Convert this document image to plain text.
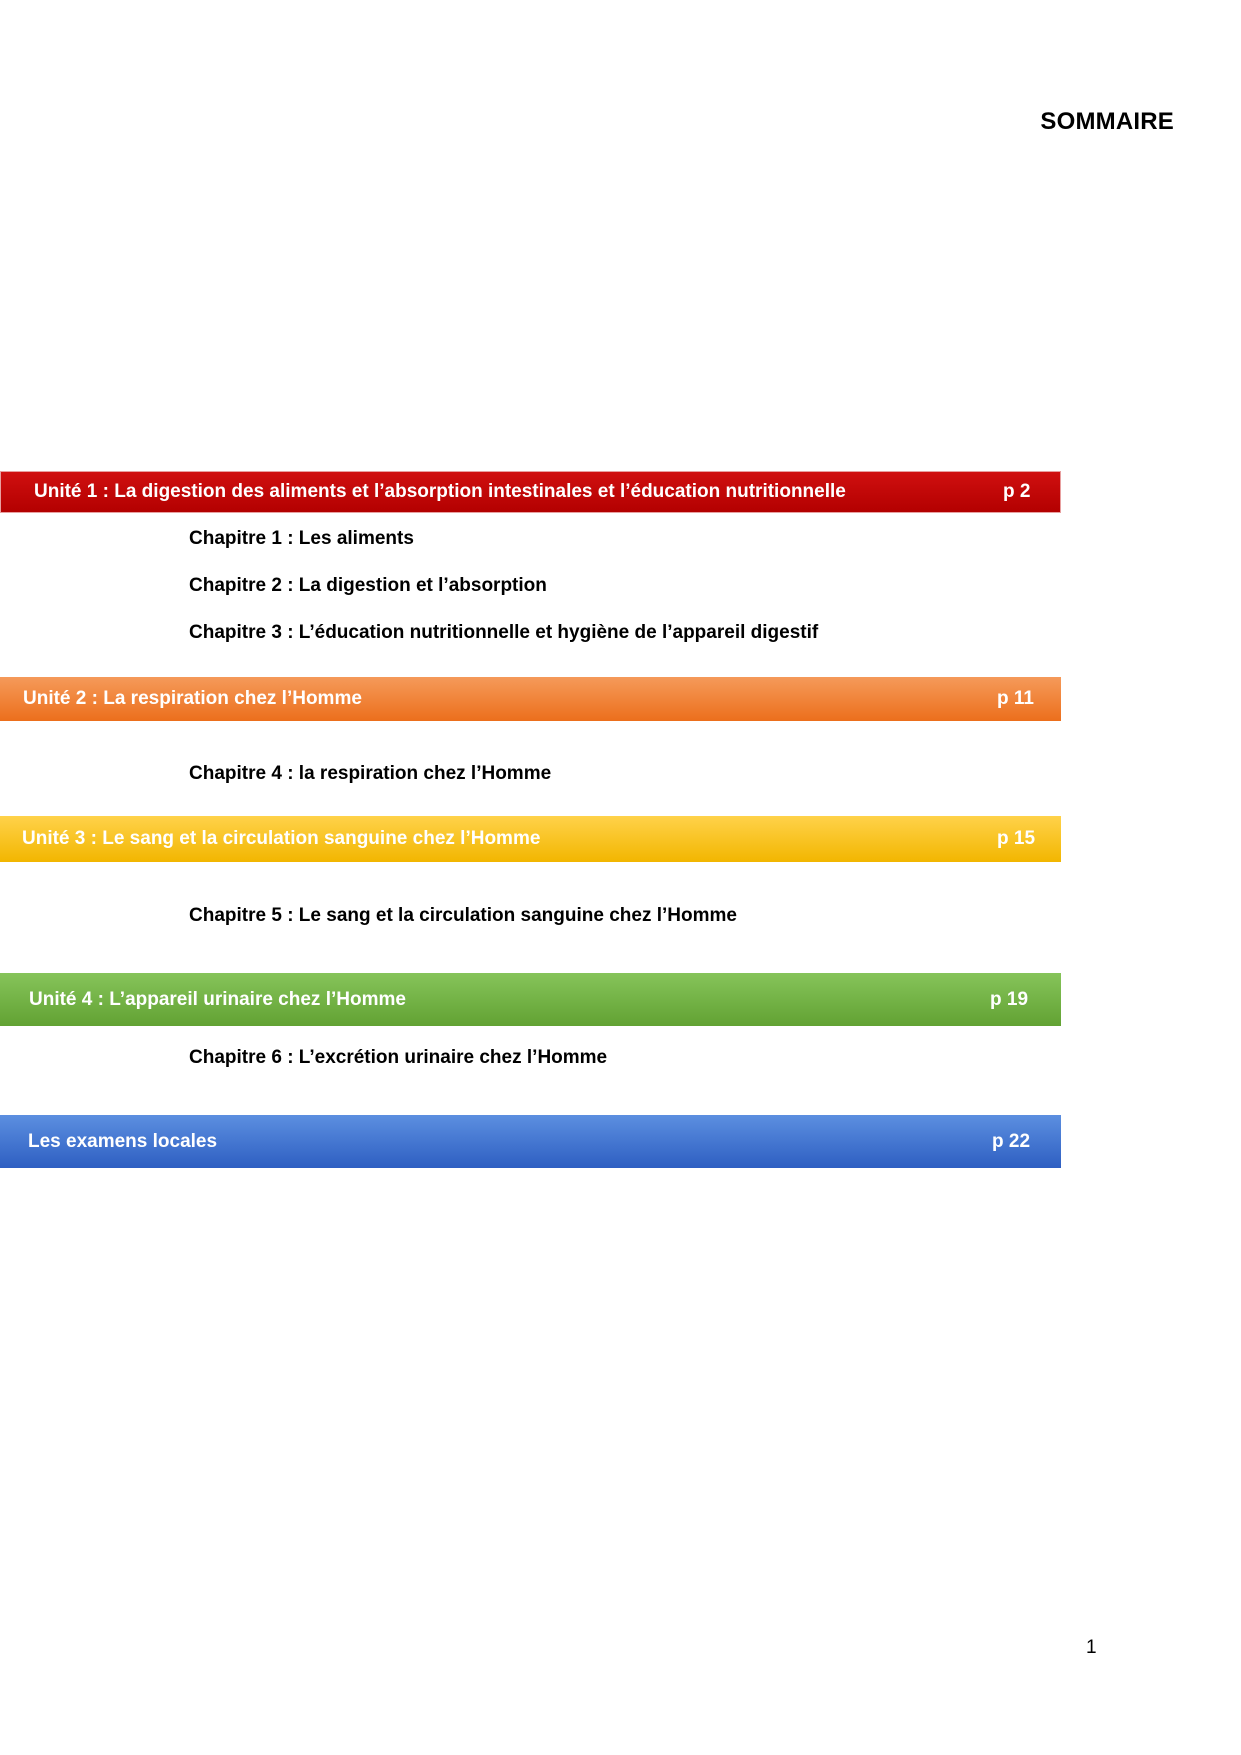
SOMMAIRE
Unité 1 : La digestion des aliments et l’absorption intestinales et l’éducation nutritionnelle	p 2
Chapitre 1 : Les aliments
Chapitre 2 : La digestion et l’absorption
Chapitre 3 : L’éducation nutritionnelle et hygiène de l’appareil digestif
Unité 2 : La respiration chez l’Homme	p 11
Chapitre 4 : la respiration chez l’Homme
Unité 3 : Le sang et la circulation sanguine chez l’Homme	p 15
Chapitre 5 : Le sang et la circulation sanguine chez l’Homme
Unité 4 : L’appareil urinaire chez l’Homme	p 19
Chapitre 6 : L’excrétion urinaire chez l’Homme
Les examens locales	p 22
1
